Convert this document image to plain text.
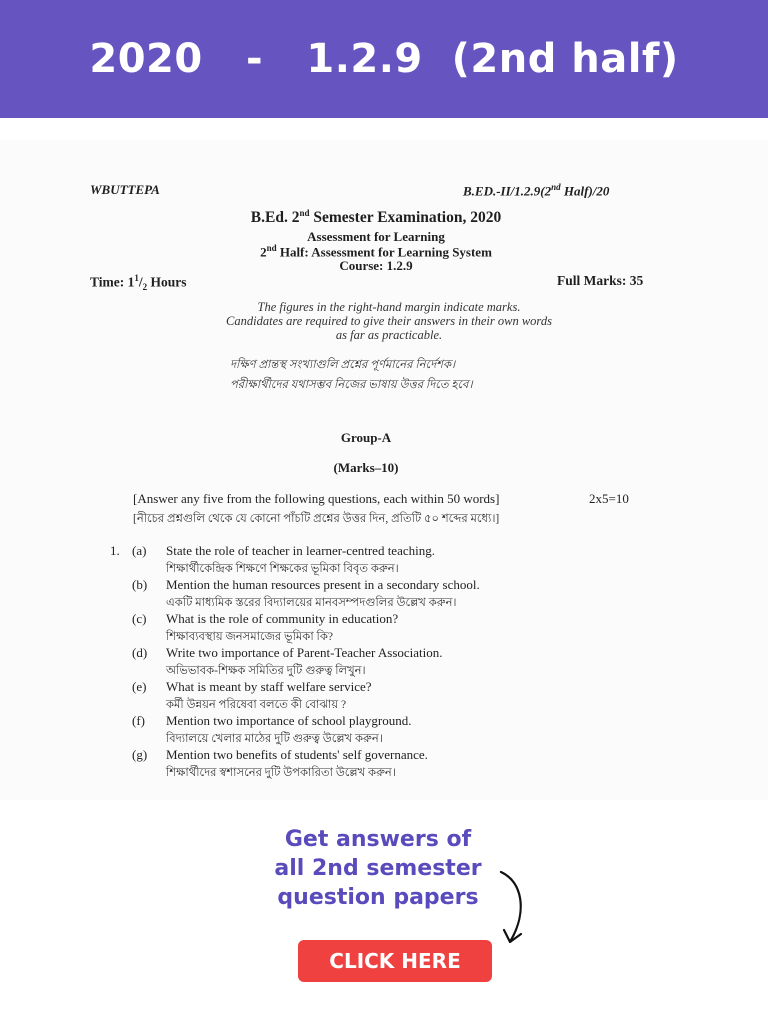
2020   -   1.2.9  (2nd half)
WBUTTEPA	B.ED.-II/1.2.9(2nd Half)/20
B.Ed. 2nd Semester Examination, 2020
Assessment for Learning
2nd Half: Assessment for Learning System
Course: 1.2.9
Time: $1^1/_2$ Hours	Full Marks: 35
The figures in the right-hand margin indicate marks.
Candidates are required to give their answers in their own words
as far as practicable.
দক্ষিণ প্রান্তস্থ সংখ্যাগুলি প্রশ্নের পূর্ণমানের নির্দেশক।
পরীক্ষার্থীদের যথাসম্ভব নিজের ভাষায় উত্তর দিতে হবে।
Group-A
(Marks–10)
[Answer any five from the following questions, each within 50 words]	2x5=10
[নীচের প্রশ্নগুলি থেকে যে কোনো পাঁচটি প্রশ্নের উত্তর দিন, প্রতিটি ৫০ শব্দের মধ্যে।]
1. (a) State the role of teacher in learner-centred teaching.
শিক্ষার্থীকেন্দ্রিক শিক্ষণে শিক্ষকের ভূমিকা বিবৃত করুন।
(b) Mention the human resources present in a secondary school.
একটি মাধ্যমিক স্তরের বিদ্যালয়ের মানবসম্পদগুলির উল্লেখ করুন।
(c) What is the role of community in education?
শিক্ষাব্যবস্থায় জনসমাজের ভূমিকা কি?
(d) Write two importance of Parent-Teacher Association.
অভিভাবক-শিক্ষক সমিতির দুটি গুরুত্ব লিখুন।
(e) What is meant by staff welfare service?
কর্মী উন্নয়ন পরিষেবা বলতে কী বোঝায় ?
(f) Mention two importance of school playground.
বিদ্যালয়ে খেলার মাঠের দুটি গুরুত্ব উল্লেখ করুন।
(g) Mention two benefits of students' self governance.
শিক্ষার্থীদের স্বশাসনের দুটি উপকারিতা উল্লেখ করুন।
Get answers of
all 2nd semester
question papers
CLICK HERE
